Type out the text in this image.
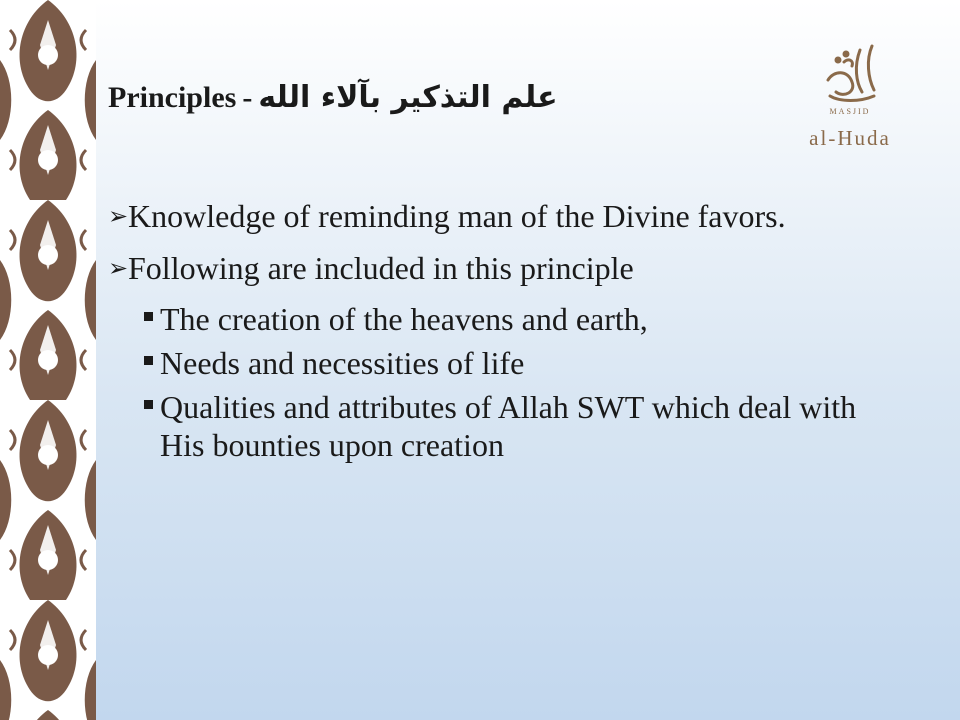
Principles - علم التذكير بآلاء الله	MASJID
al-Huda
➢ Knowledge of reminding man of the Divine favors.
➢ Following are included in this principle
The creation of the heavens and earth,
Needs and necessities of life
Qualities and attributes of Allah SWT which deal with His bounties upon creation
